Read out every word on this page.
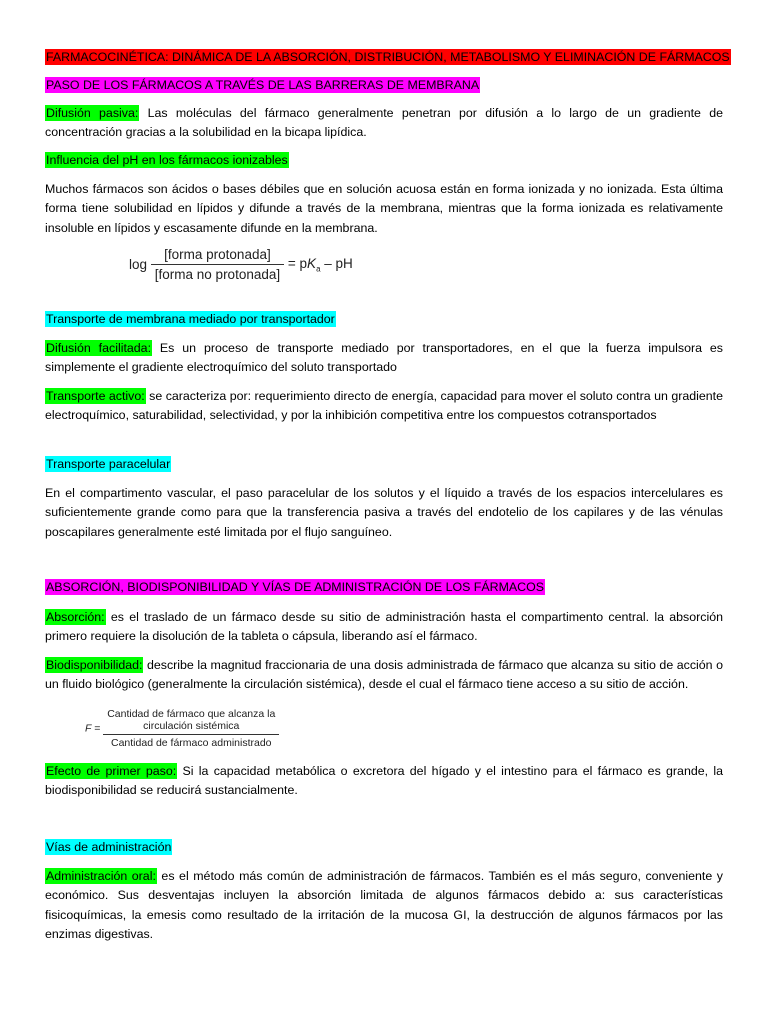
FARMACOCINÉTICA: DINÁMICA DE LA ABSORCIÓN, DISTRIBUCIÓN, METABOLISMO Y ELIMINACIÓN DE FÁRMACOS
PASO DE LOS FÁRMACOS A TRAVÉS DE LAS BARRERAS DE MEMBRANA

Difusión pasiva: Las moléculas del fármaco generalmente penetran por difusión a lo largo de un gradiente de concentración gracias a la solubilidad en la bicapa lipídica.

Influencia del pH en los fármacos ionizables

Muchos fármacos son ácidos o bases débiles que en solución acuosa están en forma ionizada y no ionizada. Esta última forma tiene solubilidad en lípidos y difunde a través de la membrana, mientras que la forma ionizada es relativamente insoluble en lípidos y escasamente difunde en la membrana.

$\log \frac{\text{[forma protonada]}}{\text{[forma no protonada]}} = pK_a$ – pH
Transporte de membrana mediado por transportador

Difusión facilitada: Es un proceso de transporte mediado por transportadores, en el que la fuerza impulsora es simplemente el gradiente electroquímico del soluto transportado

Transporte activo: se caracteriza por: requerimiento directo de energía, capacidad para mover el soluto contra un gradiente electroquímico, saturabilidad, selectividad, y por la inhibición competitiva entre los compuestos cotransportados

Transporte paracelular

En el compartimento vascular, el paso paracelular de los solutos y el líquido a través de los espacios intercelulares es suficientemente grande como para que la transferencia pasiva a través del endotelio de los capilares y de las vénulas poscapilares generalmente esté limitada por el flujo sanguíneo.

ABSORCIÓN, BIODISPONIBILIDAD Y VÍAS DE ADMINISTRACIÓN DE LOS FÁRMACOS

Absorción: es el traslado de un fármaco desde su sitio de administración hasta el compartimento central. la absorción primero requiere la disolución de la tableta o cápsula, liberando así el fármaco.

Biodisponibilidad: describe la magnitud fraccionaria de una dosis administrada de fármaco que alcanza su sitio de acción o un fluido biológico (generalmente la circulación sistémica), desde el cual el fármaco tiene acceso a su sitio de acción.

F =
Cantidad de fármaco que alcanza la
circulación sistémica
Cantidad de fármaco administrado

Efecto de primer paso: Si la capacidad metabólica o excretora del hígado y el intestino para el fármaco es grande, la biodisponibilidad se reducirá sustancialmente.

Vías de administración

Administración oral: es el método más común de administración de fármacos. También es el más seguro, conveniente y económico. Sus desventajas incluyen la absorción limitada de algunos fármacos debido a: sus características fisicoquímicas, la emesis como resultado de la irritación de la mucosa GI, la destrucción de algunos fármacos por las enzimas digestivas.
